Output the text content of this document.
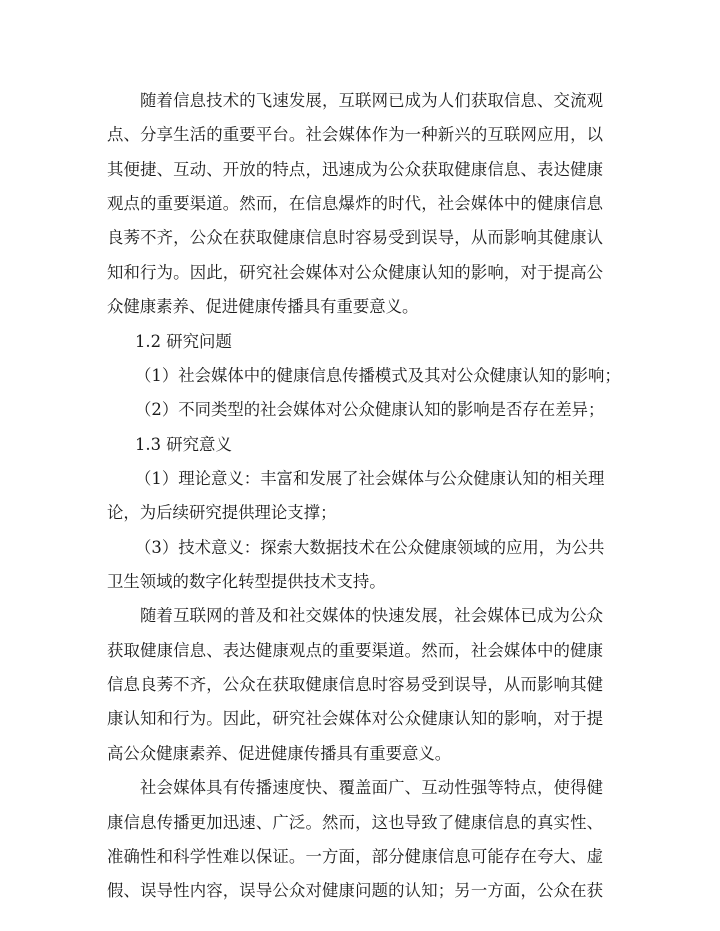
随着信息技术的飞速发展，互联网已成为人们获取信息、交流观
点、分享生活的重要平台。社会媒体作为一种新兴的互联网应用，以
其便捷、互动、开放的特点，迅速成为公众获取健康信息、表达健康
观点的重要渠道。然而，在信息爆炸的时代，社会媒体中的健康信息
良莠不齐，公众在获取健康信息时容易受到误导，从而影响其健康认
知和行为。因此，研究社会媒体对公众健康认知的影响，对于提高公
众健康素养、促进健康传播具有重要意义。
1.2 研究问题
（1）社会媒体中的健康信息传播模式及其对公众健康认知的影响；
（2）不同类型的社会媒体对公众健康认知的影响是否存在差异；
1.3 研究意义
（1）理论意义：丰富和发展了社会媒体与公众健康认知的相关理
论，为后续研究提供理论支撑；
（3）技术意义：探索大数据技术在公众健康领域的应用，为公共
卫生领域的数字化转型提供技术支持。
随着互联网的普及和社交媒体的快速发展，社会媒体已成为公众
获取健康信息、表达健康观点的重要渠道。然而，社会媒体中的健康
信息良莠不齐，公众在获取健康信息时容易受到误导，从而影响其健
康认知和行为。因此，研究社会媒体对公众健康认知的影响，对于提
高公众健康素养、促进健康传播具有重要意义。
社会媒体具有传播速度快、覆盖面广、互动性强等特点，使得健
康信息传播更加迅速、广泛。然而，这也导致了健康信息的真实性、
准确性和科学性难以保证。一方面，部分健康信息可能存在夸大、虚
假、误导性内容，误导公众对健康问题的认知；另一方面，公众在获
